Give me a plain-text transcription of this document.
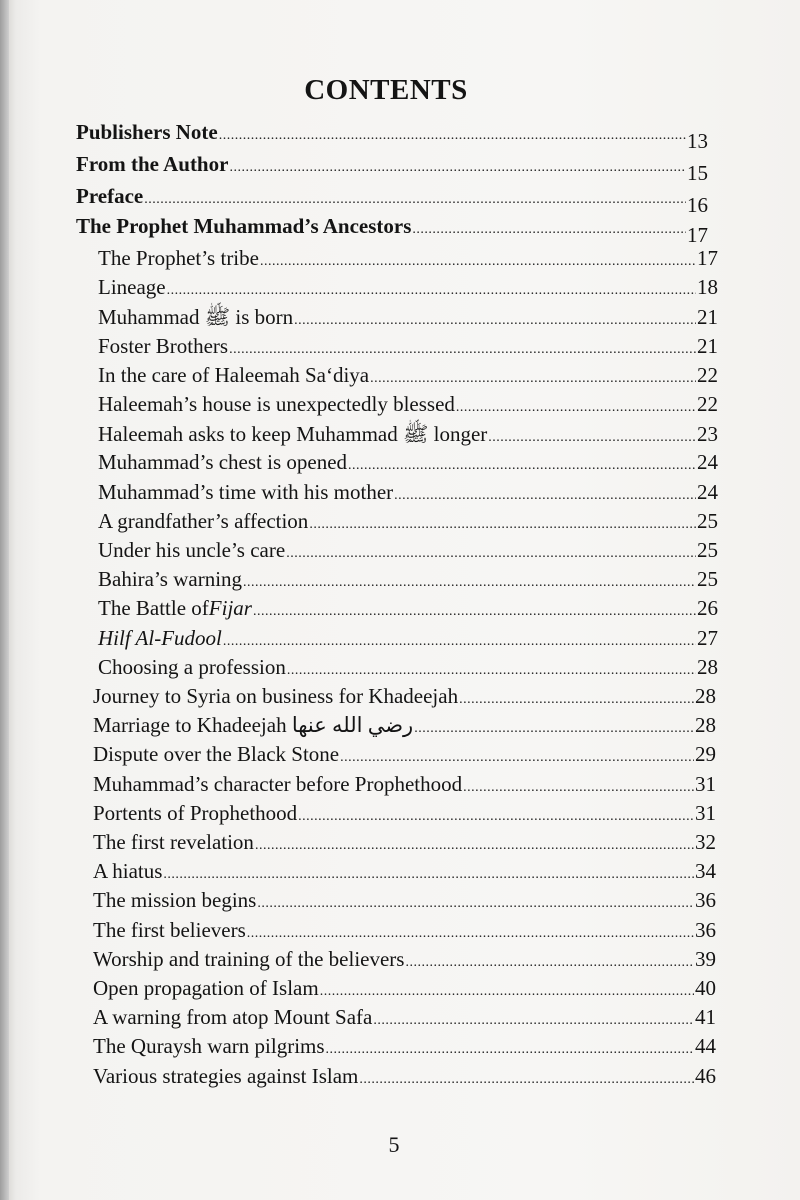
CONTENTS
Publishers Note .....	13
From the Author .....	15
Preface .....	16
The Prophet Muhammad’s Ancestors .....	17
The Prophet’s tribe .....	17
Lineage .....	18
Muhammad ﷺ is born .....	21
Foster Brothers .....	21
In the care of Haleemah Sa‘diya .....	22
Haleemah’s house is unexpectedly blessed .....	22
Haleemah asks to keep Muhammad ﷺ longer .....	23
Muhammad’s chest is opened .....	24
Muhammad’s time with his mother .....	24
A grandfather’s affection .....	25
Under his uncle’s care .....	25
Bahira’s warning .....	25
The Battle of Fijar .....	26
Hilf Al-Fudool .....	27
Choosing a profession .....	28
Journey to Syria on business for Khadeejah .....	28
Marriage to Khadeejah رضي الله عنها .....	28
Dispute over the Black Stone .....	29
Muhammad’s character before Prophethood .....	31
Portents of Prophethood .....	31
The first revelation .....	32
A hiatus .....	34
The mission begins .....	36
The first believers .....	36
Worship and training of the believers .....	39
Open propagation of Islam .....	40
A warning from atop Mount Safa .....	41
The Quraysh warn pilgrims .....	44
Various strategies against Islam .....	46
5
